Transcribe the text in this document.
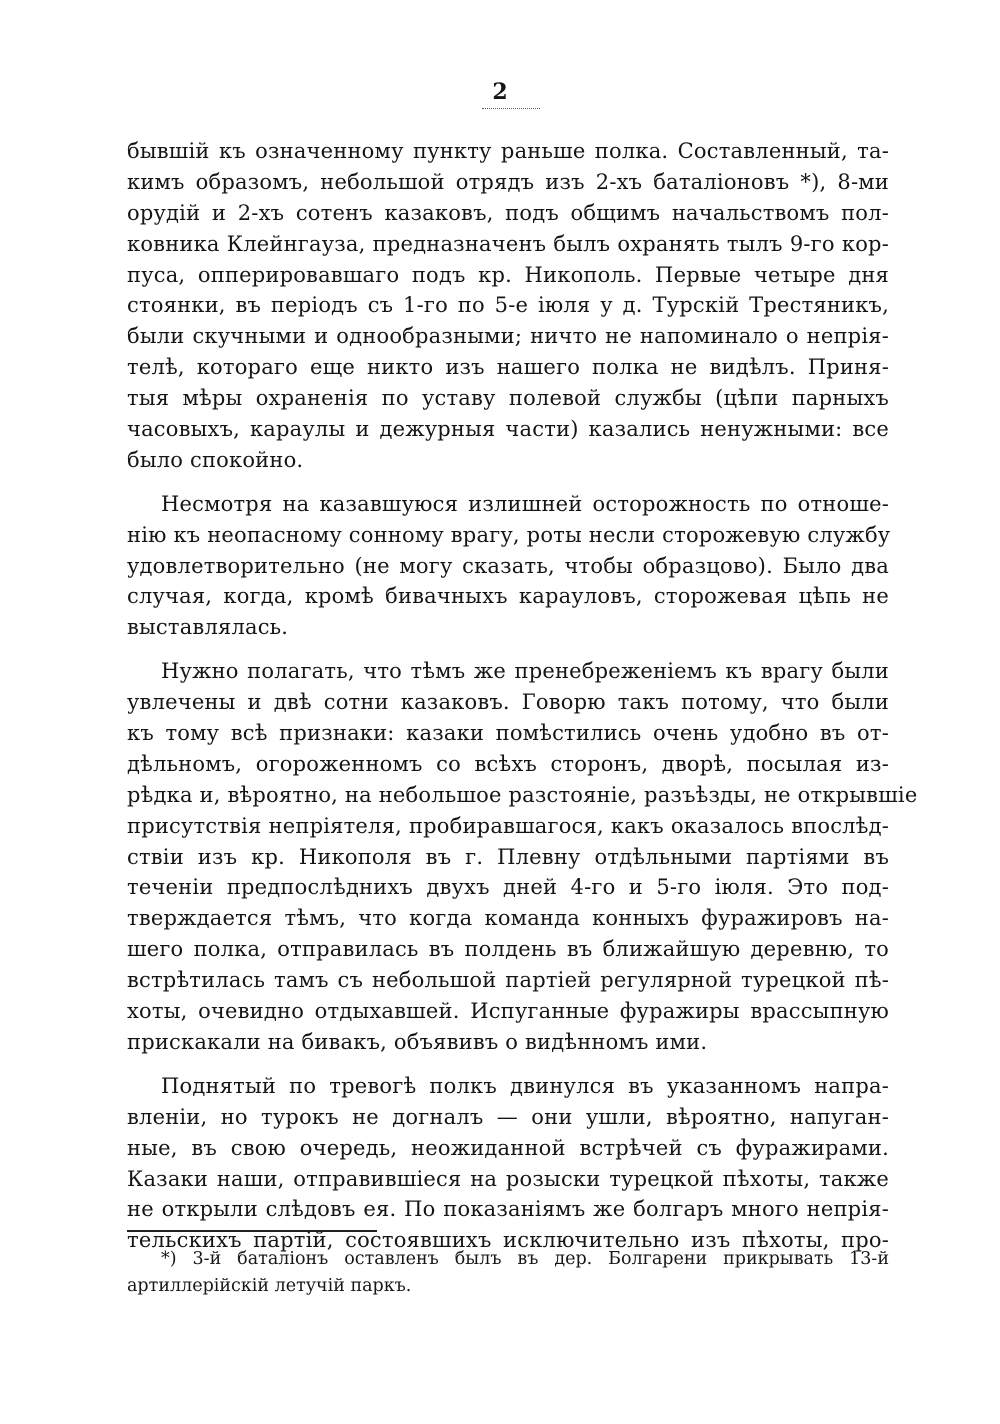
2
бывшій къ означенному пункту раньше полка. Составленный, та-
кимъ образомъ, небольшой отрядъ изъ 2-хъ баталіоновъ *), 8-ми
орудій и 2-хъ сотенъ казаковъ, подъ общимъ начальствомъ пол-
ковника Клейнгауза, предназначенъ былъ охранять тылъ 9-го кор-
пуса, опперировавшаго подъ кр. Никополь. Первые четыре дня
стоянки, въ періодъ съ 1-го по 5-е іюля у д. Турскій Трестяникъ,
были скучными и однообразными; ничто не напоминало о непрія-
телѣ, котораго еще никто изъ нашего полка не видѣлъ. Приня-
тыя мѣры охраненія по уставу полевой службы (цѣпи парныхъ
часовыхъ, караулы и дежурныя части) казались ненужными: все
было спокойно.
Несмотря на казавшуюся излишней осторожность по отноше-
нію къ неопасному сонному врагу, роты несли сторожевую службу
удовлетворительно (не могу сказать, чтобы образцово). Было два
случая, когда, кромѣ бивачныхъ карауловъ, сторожевая цѣпь не
выставлялась.
Нужно полагать, что тѣмъ же пренебреженіемъ къ врагу были
увлечены и двѣ сотни казаковъ. Говорю такъ потому, что были
къ тому всѣ признаки: казаки помѣстились очень удобно въ от-
дѣльномъ, огороженномъ со всѣхъ сторонъ, дворѣ, посылая из-
рѣдка и, вѣроятно, на небольшое разстояніе, разъѣзды, не открывшіе
присутствія непріятеля, пробиравшагося, какъ оказалось впослѣд-
ствіи изъ кр. Никополя въ г. Плевну отдѣльными партіями въ
теченіи предпослѣднихъ двухъ дней 4-го и 5-го іюля. Это под-
тверждается тѣмъ, что когда команда конныхъ фуражировъ на-
шего полка, отправилась въ полдень въ ближайшую деревню, то
встрѣтилась тамъ съ небольшой партіей регулярной турецкой пѣ-
хоты, очевидно отдыхавшей. Испуганные фуражиры врассыпную
прискакали на бивакъ, объявивъ о видѣнномъ ими.
Поднятый по тревогѣ полкъ двинулся въ указанномъ напра-
вленіи, но турокъ не догналъ — они ушли, вѣроятно, напуган-
ные, въ свою очередь, неожиданной встрѣчей съ фуражирами.
Казаки наши, отправившіеся на розыски турецкой пѣхоты, также
не открыли слѣдовъ ея. По показаніямъ же болгаръ много непрія-
тельскихъ партій, состоявшихъ исключительно изъ пѣхоты, про-
*) 3-й баталіонъ оставленъ былъ въ дер. Болгарени прикрывать 13-й
артиллерійскій летучій паркъ.
